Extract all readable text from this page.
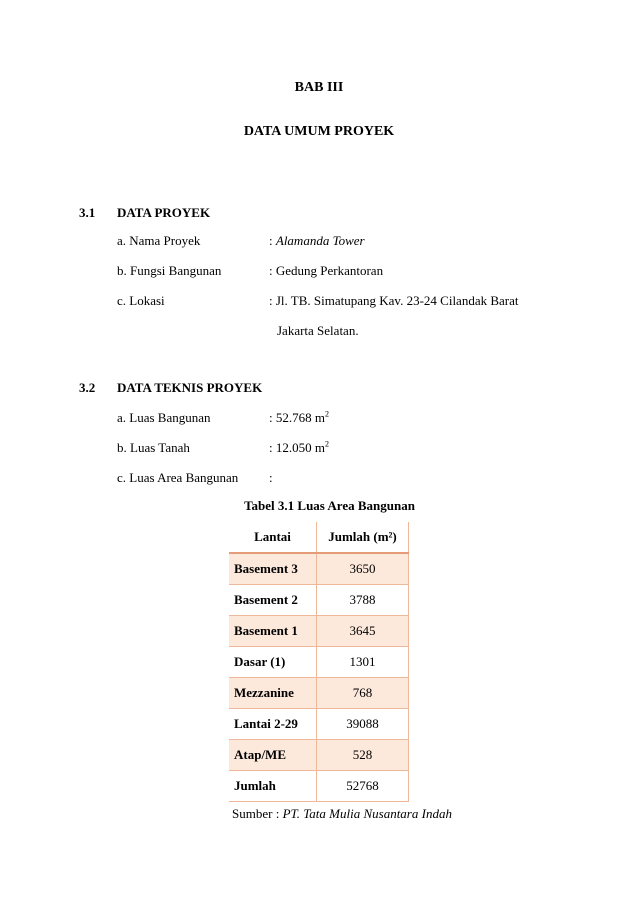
BAB III
DATA UMUM PROYEK
3.1 DATA PROYEK
a. Nama Proyek	: Alamanda Tower
b. Fungsi Bangunan	: Gedung Perkantoran
c. Lokasi	: Jl. TB. Simatupang Kav. 23-24 Cilandak Barat
Jakarta Selatan.
3.2 DATA TEKNIS PROYEK
a. Luas Bangunan	: 52.768 $m^2$
b. Luas Tanah	: 12.050 $m^2$
c. Luas Area Bangunan :
Tabel 3.1 Luas Area Bangunan
Lantai	Jumlah (m²)
Basement 3	3650
Basement 2	3788
Basement 1	3645
Dasar (1)	1301
Mezzanine	768
Lantai 2-29	39088
Atap/ME	528
Jumlah	52768
Sumber : PT. Tata Mulia Nusantara Indah
